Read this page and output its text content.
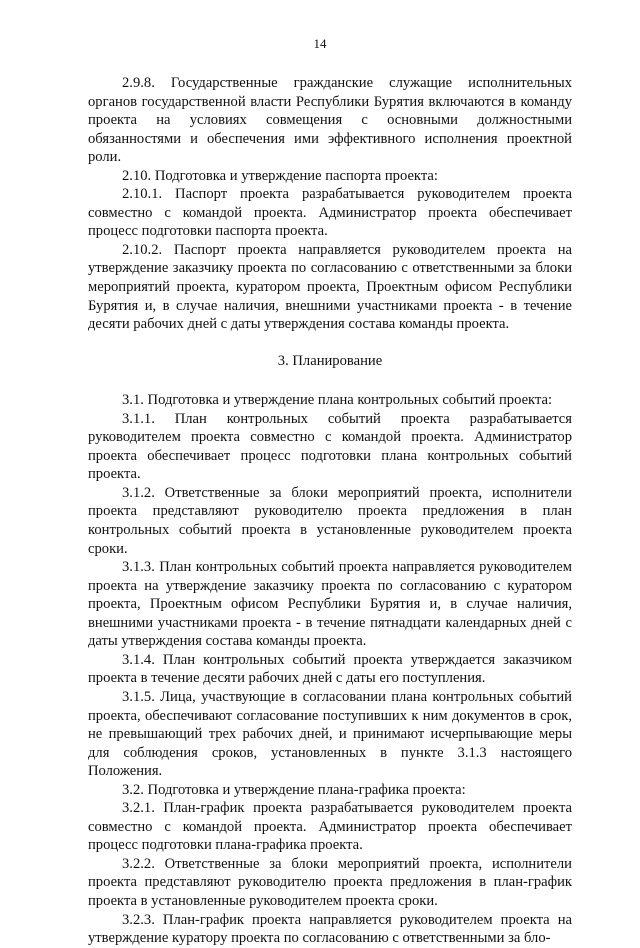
14

2.9.8. Государственные гражданские служащие исполнительных органов государственной власти Республики Бурятия включаются в команду проекта на условиях совмещения с основными должностными обязанностями и обеспечения ими эффективного исполнения проектной роли.

2.10. Подготовка и утверждение паспорта проекта:

2.10.1. Паспорт проекта разрабатывается руководителем проекта совместно с командой проекта. Администратор проекта обеспечивает процесс подготовки паспорта проекта.

2.10.2. Паспорт проекта направляется руководителем проекта на утверждение заказчику проекта по согласованию с ответственными за блоки мероприятий проекта, куратором проекта, Проектным офисом Республики Бурятия и, в случае наличия, внешними участниками проекта - в течение десяти рабочих дней с даты утверждения состава команды проекта.

3. Планирование

3.1. Подготовка и утверждение плана контрольных событий проекта:

3.1.1. План контрольных событий проекта разрабатывается руководителем проекта совместно с командой проекта. Администратор проекта обеспечивает процесс подготовки плана контрольных событий проекта.

3.1.2. Ответственные за блоки мероприятий проекта, исполнители проекта представляют руководителю проекта предложения в план контрольных событий проекта в установленные руководителем проекта сроки.

3.1.3. План контрольных событий проекта направляется руководителем проекта на утверждение заказчику проекта по согласованию с куратором проекта, Проектным офисом Республики Бурятия и, в случае наличия, внешними участниками проекта - в течение пятнадцати календарных дней с даты утверждения состава команды проекта.

3.1.4. План контрольных событий проекта утверждается заказчиком проекта в течение десяти рабочих дней с даты его поступления.

3.1.5. Лица, участвующие в согласовании плана контрольных событий проекта, обеспечивают согласование поступивших к ним документов в срок, не превышающий трех рабочих дней, и принимают исчерпывающие меры для соблюдения сроков, установленных в пункте 3.1.3 настоящего Положения.

3.2. Подготовка и утверждение плана-графика проекта:

3.2.1. План-график проекта разрабатывается руководителем проекта совместно с командой проекта. Администратор проекта обеспечивает процесс подготовки плана-графика проекта.

3.2.2. Ответственные за блоки мероприятий проекта, исполнители проекта представляют руководителю проекта предложения в план-график проекта в установленные руководителем проекта сроки.

3.2.3. План-график проекта направляется руководителем проекта на утверждение куратору проекта по согласованию с ответственными за бло-
